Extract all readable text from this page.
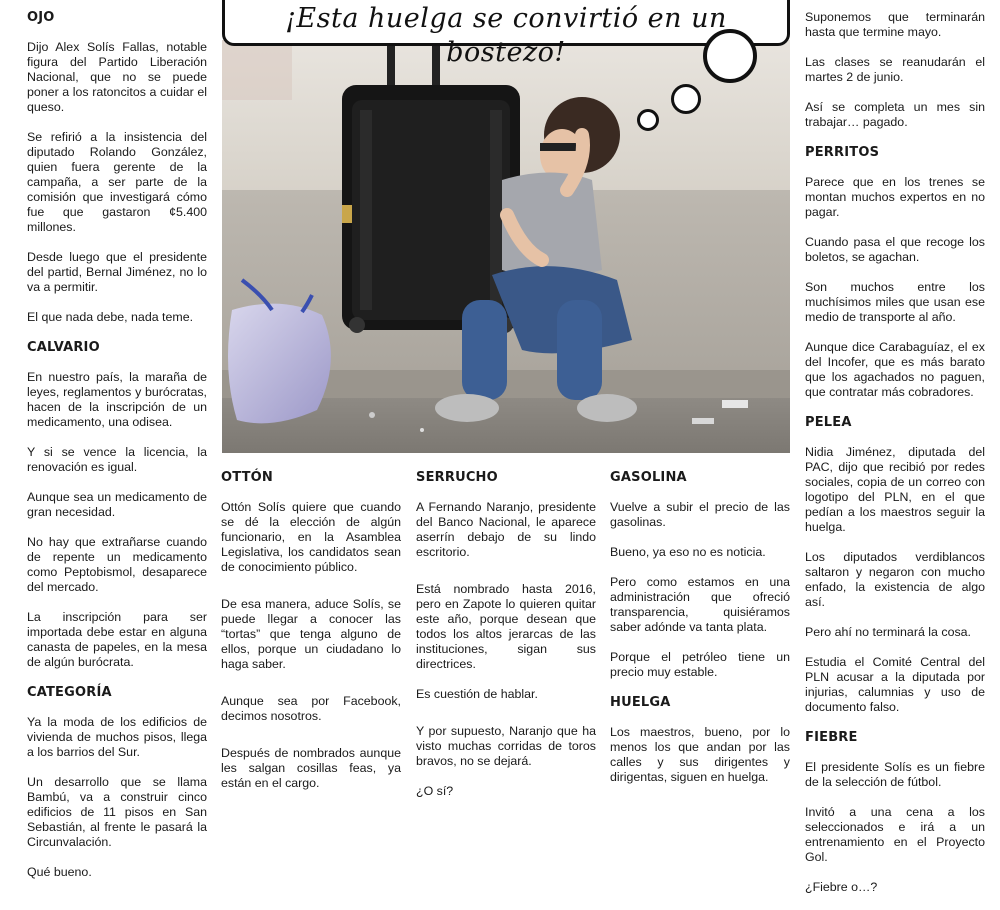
OJO

Dijo Alex Solís Fallas, notable figura del Partido Liberación Nacional, que no se puede poner a los ratoncitos a cuidar el queso.

Se refirió a la insistencia del diputado Rolando González, quien fuera gerente de la campaña, a ser parte de la comisión que investigará cómo fue que gastaron ¢5.400 millones.

Desde luego que el presidente del partid, Bernal Jiménez, no lo va a permitir.

El que nada debe, nada teme.

CALVARIO

En nuestro país, la maraña de leyes, reglamentos y burócratas, hacen de la inscripción de un medicamento, una odisea.

Y si se vence la licencia, la renovación es igual.

Aunque sea un medicamento de gran necesidad.

No hay que extrañarse cuando de repente un medicamento como Peptobismol, desaparece del mercado.

La inscripción para ser importada debe estar en alguna canasta de papeles, en la mesa de algún burócrata.

CATEGORÍA

Ya la moda de los edificios de vivienda de muchos pisos, llega a los barrios del Sur.

Un desarrollo que se llama Bambú, va a construir cinco edificios de 11 pisos en San Sebastián, al frente le pasará la Circunvalación.

Qué bueno.

¡Esta huelga se convirtió en un bostezo!
OTTÓN

Ottón Solís quiere que cuando se dé la elección de algún funcionario, en la Asamblea Legislativa, los candidatos sean de conocimiento público.

De esa manera, aduce Solís, se puede llegar a conocer las “tortas” que tenga alguno de ellos, porque un ciudadano lo haga saber.

Aunque sea por Facebook, decimos nosotros.

Después de nombrados aunque les salgan cosillas feas, ya están en el cargo.

SERRUCHO

A Fernando Naranjo, presidente del Banco Nacional, le aparece aserrín debajo de su lindo escritorio.

Está nombrado hasta 2016, pero en Zapote lo quieren quitar este año, porque desean que todos los altos jerarcas de las instituciones, sigan sus directrices.

Es cuestión de hablar.

Y por supuesto, Naranjo que ha visto muchas corridas de toros bravos, no se dejará.

¿O sí?

GASOLINA

Vuelve a subir el precio de las gasolinas.

Bueno, ya eso no es noticia.

Pero como estamos en una administración que ofreció transparencia, quisiéramos saber adónde va tanta plata.

Porque el petróleo tiene un precio muy estable.

HUELGA

Los maestros, bueno, por lo menos los que andan por las calles y sus dirigentes y dirigentas, siguen en huelga.

Suponemos que terminarán hasta que termine mayo.

Las clases se reanudarán el martes 2 de junio.

Así se completa un mes sin trabajar… pagado.

PERRITOS

Parece que en los trenes se montan muchos expertos en no pagar.

Cuando pasa el que recoge los boletos, se agachan.

Son muchos entre los muchísimos miles que usan ese medio de transporte al año.

Aunque dice Carabaguíaz, el ex del Incofer, que es más barato que los agachados no paguen, que contratar más cobradores.

PELEA

Nidia Jiménez, diputada del PAC, dijo que recibió por redes sociales, copia de un correo con logotipo del PLN, en el que pedían a los maestros seguir la huelga.

Los diputados verdiblancos saltaron y negaron con mucho enfado, la existencia de algo así.

Pero ahí no terminará la cosa.

Estudia el Comité Central del PLN acusar a la diputada por injurias, calumnias y uso de documento falso.

FIEBRE

El presidente Solís es un fiebre de la selección de fútbol.

Invitó a una cena a los seleccionados e irá a un entrenamiento en el Proyecto Gol.

¿Fiebre o…?
